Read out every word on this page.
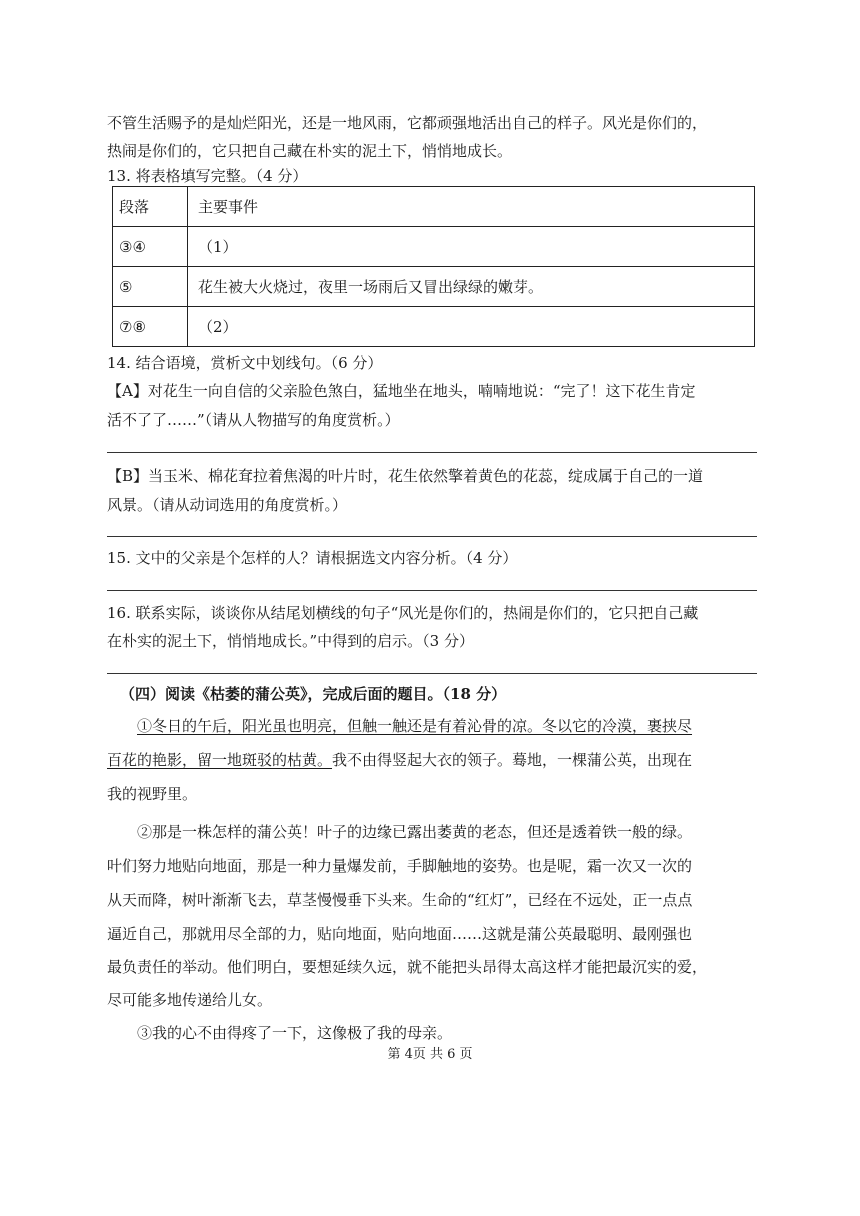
不管生活赐予的是灿烂阳光，还是一地风雨，它都顽强地活出自己的样子。风光是你们的，
热闹是你们的，它只把自己藏在朴实的泥土下，悄悄地成长。
13. 将表格填写完整。（4 分）
段落	主要事件
③④	（1）
⑤	花生被大火烧过，夜里一场雨后又冒出绿绿的嫩芽。
⑦⑧	（2）
14. 结合语境，赏析文中划线句。（6 分）
【A】对花生一向自信的父亲脸色煞白，猛地坐在地头，喃喃地说：“完了！这下花生肯定
活不了了……”（请从人物描写的角度赏析。）
【B】当玉米、棉花耷拉着焦渴的叶片时，花生依然擎着黄色的花蕊，绽成属于自己的一道
风景。（请从动词选用的角度赏析。）
15. 文中的父亲是个怎样的人？请根据选文内容分析。（4 分）
16. 联系实际，谈谈你从结尾划横线的句子“风光是你们的，热闹是你们的，它只把自己藏
在朴实的泥土下，悄悄地成长。”中得到的启示。（3 分）
（四）阅读《枯萎的蒲公英》，完成后面的题目。（18 分）
①冬日的午后，阳光虽也明亮，但触一触还是有着沁骨的凉。冬以它的冷漠，裹挟尽
百花的艳影，留一地斑驳的枯黄。我不由得竖起大衣的领子。蓦地，一棵蒲公英，出现在
我的视野里。
②那是一株怎样的蒲公英！叶子的边缘已露出萎黄的老态，但还是透着铁一般的绿。
叶们努力地贴向地面，那是一种力量爆发前，手脚触地的姿势。也是呢，霜一次又一次的
从天而降，树叶渐渐飞去，草茎慢慢垂下头来。生命的“红灯”，已经在不远处，正一点点
逼近自己，那就用尽全部的力，贴向地面，贴向地面……这就是蒲公英最聪明、最刚强也
最负责任的举动。他们明白，要想延续久远，就不能把头昂得太高这样才能把最沉实的爱，
尽可能多地传递给儿女。
③我的心不由得疼了一下，这像极了我的母亲。
第 4页 共 6 页
